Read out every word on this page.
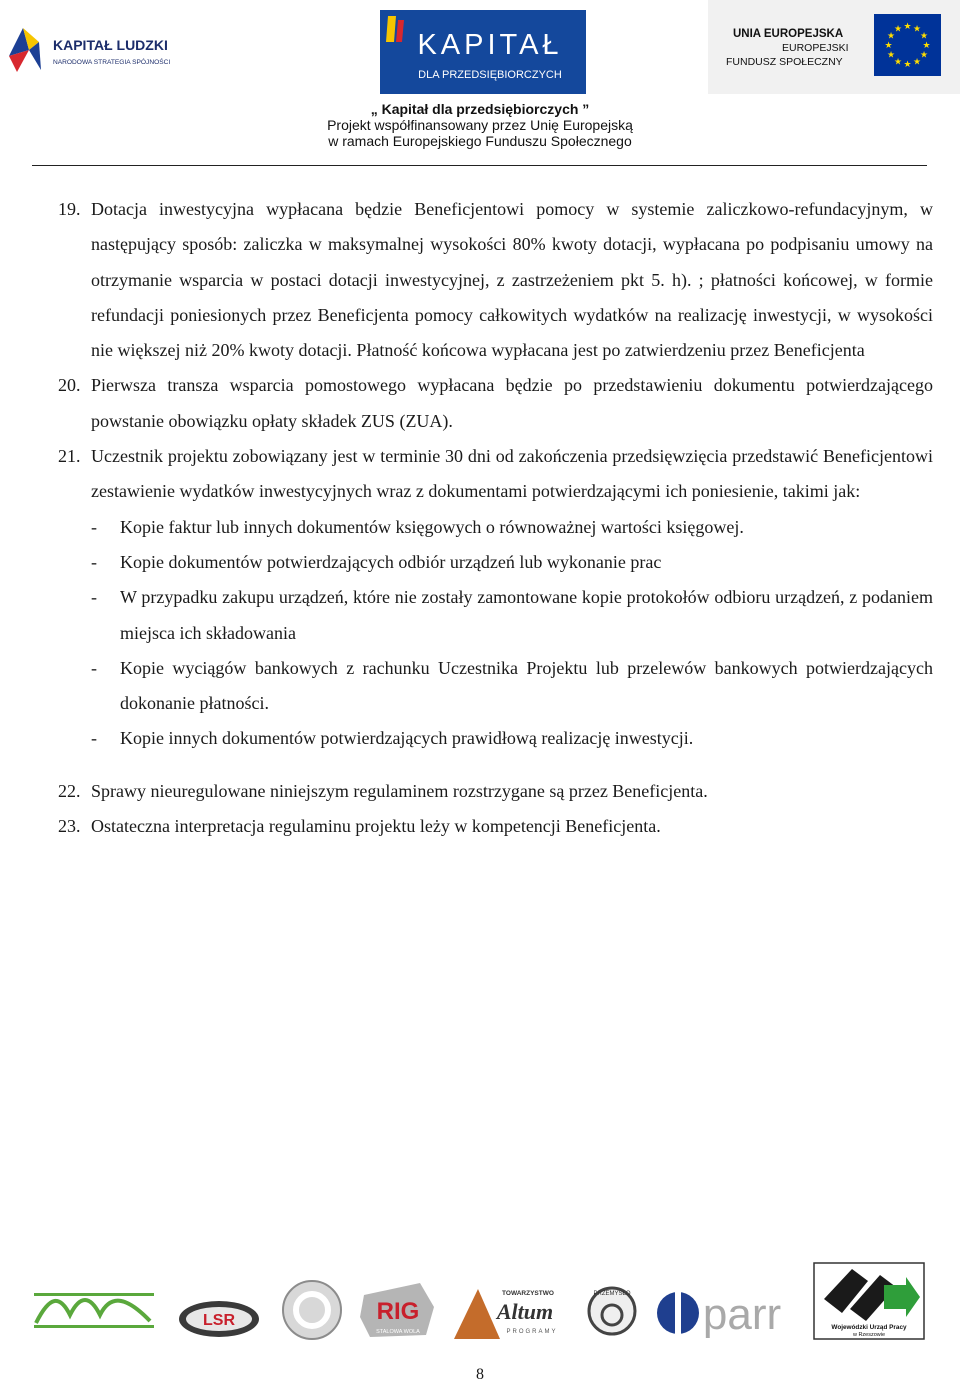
KAPITAŁ LUDZKI
NARODOWA STRATEGIA SPÓJNOŚCI
KAPITAŁ
DLA PRZEDSIĘBIORCZYCH
UNIA EUROPEJSKA
EUROPEJSKI
FUNDUSZ SPOŁECZNY
★ ★
★
★
★
★
★
★
★
★
★
★
„ Kapitał dla przedsiębiorczych ”
Projekt współfinansowany przez Unię Europejską
w ramach Europejskiego Funduszu Społecznego
19. Dotacja inwestycyjna wypłacana będzie Beneficjentowi pomocy w systemie zaliczkowo-refundacyjnym, w następujący sposób: zaliczka w maksymalnej wysokości 80% kwoty dotacji, wypłacana po podpisaniu umowy na otrzymanie wsparcia w postaci dotacji inwestycyjnej, z zastrzeżeniem pkt 5. h). ; płatności końcowej, w formie refundacji poniesionych przez Beneficjenta pomocy całkowitych wydatków na realizację inwestycji, w wysokości nie większej niż 20% kwoty dotacji. Płatność końcowa wypłacana jest po zatwierdzeniu przez Beneficjenta
20. Pierwsza transza wsparcia pomostowego wypłacana będzie po przedstawieniu dokumentu potwierdzającego powstanie obowiązku opłaty składek ZUS (ZUA).
21. Uczestnik projektu zobowiązany jest w terminie 30 dni od zakończenia przedsięwzięcia przedstawić Beneficjentowi zestawienie wydatków inwestycyjnych wraz z dokumentami potwierdzającymi ich poniesienie, takimi jak:
- Kopie faktur lub innych dokumentów księgowych o równoważnej wartości księgowej.
- Kopie dokumentów potwierdzających odbiór urządzeń lub wykonanie prac
- W przypadku zakupu urządzeń, które nie zostały zamontowane kopie protokołów odbioru urządzeń, z podaniem miejsca ich składowania
- Kopie wyciągów bankowych z rachunku Uczestnika Projektu lub przelewów bankowych potwierdzających dokonanie płatności.
- Kopie innych dokumentów potwierdzających prawidłową realizację inwestycji.
22. Sprawy nieuregulowane niniejszym regulaminem rozstrzygane są przez Beneficjenta.
23. Ostateczna interpretacja regulaminu projektu leży w kompetencji Beneficjenta.
LSR	RIG
STALOWA WOLA
TOWARZYSTWO
Altum
PROGRAMY
PRZEMYSŁO parr	Wojewódzki Urząd Pracy
w Rzeszowie
8
